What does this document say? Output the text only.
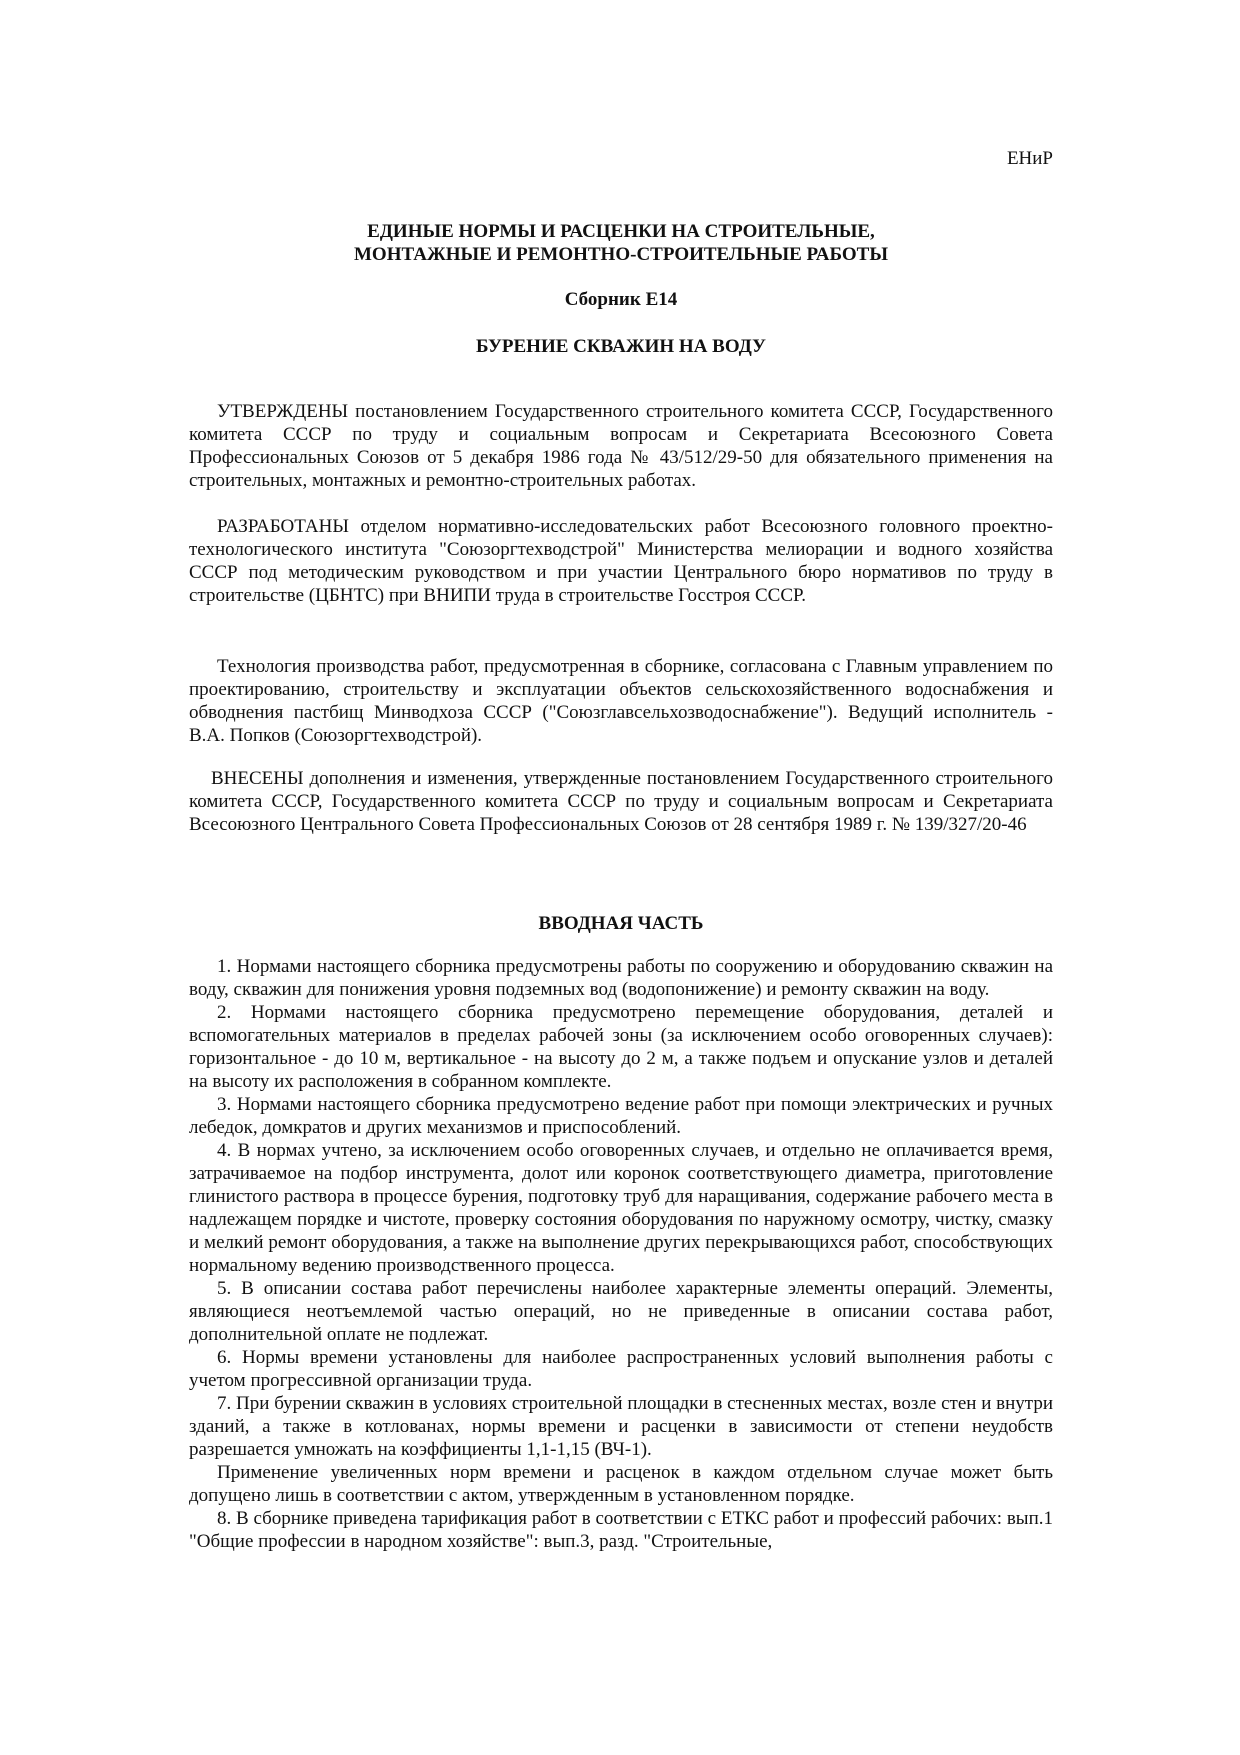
ЕНиР
ЕДИНЫЕ НОРМЫ И РАСЦЕНКИ НА СТРОИТЕЛЬНЫЕ,
МОНТАЖНЫЕ И РЕМОНТНО-СТРОИТЕЛЬНЫЕ РАБОТЫ
Сборник Е14
БУРЕНИЕ СКВАЖИН НА ВОДУ

УТВЕРЖДЕНЫ постановлением Государственного строительного комитета СССР, Государственного комитета СССР по труду и социальным вопросам и Секретариата Всесоюзного Совета Профессиональных Союзов от 5 декабря 1986 года № 43/512/29-50 для обязательного применения на строительных, монтажных и ремонтно-строительных работах.

РАЗРАБОТАНЫ отделом нормативно-исследовательских работ Всесоюзного головного проектно-технологического института "Союзоргтехводстрой" Министерства мелиорации и водного хозяйства СССР под методическим руководством и при участии Центрального бюро нормативов по труду в строительстве (ЦБНТС) при ВНИПИ труда в строительстве Госстроя СССР.

Технология производства работ, предусмотренная в сборнике, согласована с Главным управлением по проектированию, строительству и эксплуатации объектов сельскохозяйственного водоснабжения и обводнения пастбищ Минводхоза СССР ("Союзглавсельхозводоснабжение"). Ведущий исполнитель - В.А. Попков (Союзоргтехводстрой).

ВНЕСЕНЫ дополнения и изменения, утвержденные постановлением Государственного строительного комитета СССР, Государственного комитета СССР по труду и социальным вопросам и Секретариата Всесоюзного Центрального Совета Профессиональных Союзов от 28 сентября 1989 г. № 139/327/20-46

ВВОДНАЯ ЧАСТЬ

1. Нормами настоящего сборника предусмотрены работы по сооружению и оборудованию скважин на воду, скважин для понижения уровня подземных вод (водопонижение) и ремонту скважин на воду.

2. Нормами настоящего сборника предусмотрено перемещение оборудования, деталей и вспомогательных материалов в пределах рабочей зоны (за исключением особо оговоренных случаев): горизонтальное - до 10 м, вертикальное - на высоту до 2 м, а также подъем и опускание узлов и деталей на высоту их расположения в собранном комплекте.

3. Нормами настоящего сборника предусмотрено ведение работ при помощи электрических и ручных лебедок, домкратов и других механизмов и приспособлений.

4. В нормах учтено, за исключением особо оговоренных случаев, и отдельно не оплачивается время, затрачиваемое на подбор инструмента, долот или коронок соответствующего диаметра, приготовление глинистого раствора в процессе бурения, подготовку труб для наращивания, содержание рабочего места в надлежащем порядке и чистоте, проверку состояния оборудования по наружному осмотру, чистку, смазку и мелкий ремонт оборудования, а также на выполнение других перекрывающихся работ, способствующих нормальному ведению производственного процесса.

5. В описании состава работ перечислены наиболее характерные элементы операций. Элементы, являющиеся неотъемлемой частью операций, но не приведенные в описании состава работ, дополнительной оплате не подлежат.

6. Нормы времени установлены для наиболее распространенных условий выполнения работы с учетом прогрессивной организации труда.

7. При бурении скважин в условиях строительной площадки в стесненных местах, возле стен и внутри зданий, а также в котлованах, нормы времени и расценки в зависимости от степени неудобств разрешается умножать на коэффициенты 1,1-1,15 (ВЧ-1).

Применение увеличенных норм времени и расценок в каждом отдельном случае может быть допущено лишь в соответствии с актом, утвержденным в установленном порядке.

8. В сборнике приведена тарификация работ в соответствии с ЕТКС работ и профессий рабочих: вып.1 "Общие профессии в народном хозяйстве": вып.3, разд. "Строительные,
